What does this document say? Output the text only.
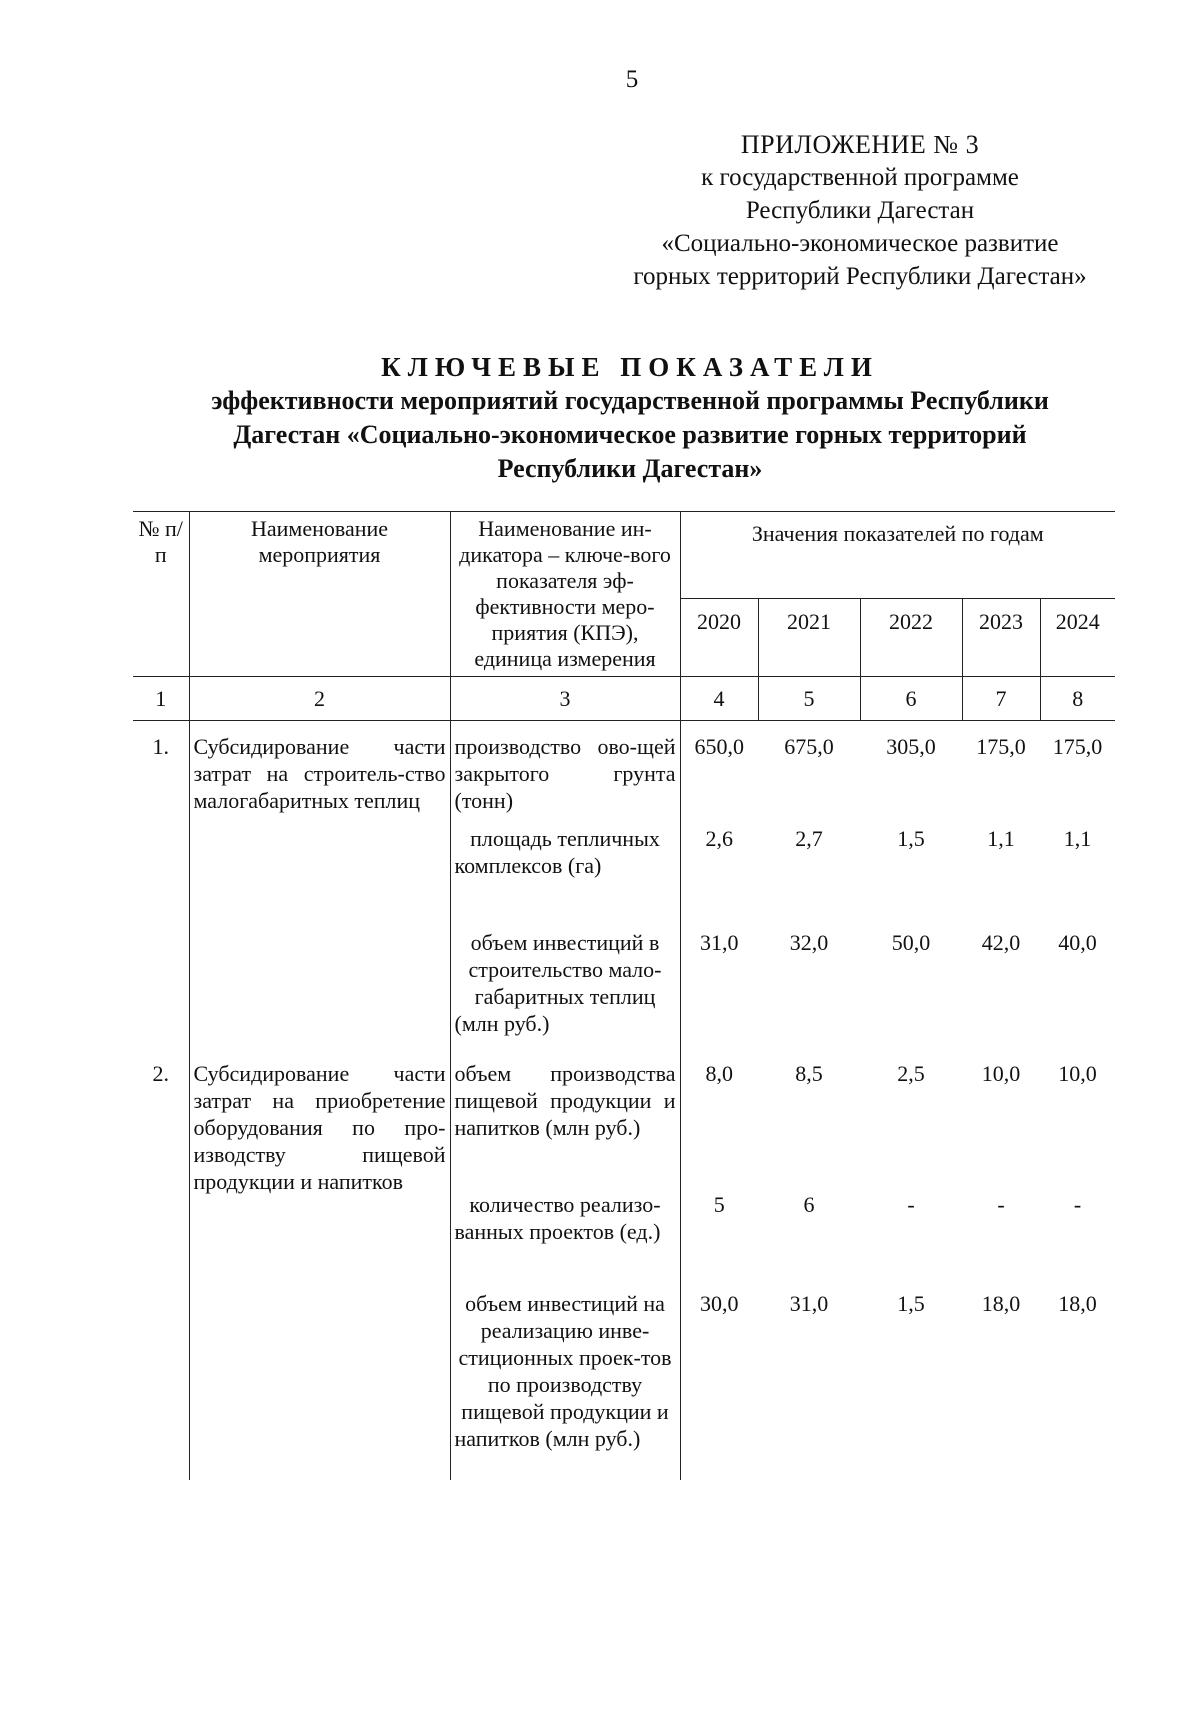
5
ПРИЛОЖЕНИЕ № 3
к государственной программе
Республики Дагестан
«Социально-экономическое развитие
горных территорий Республики Дагестан»
КЛЮЧЕВЫЕ ПОКАЗАТЕЛИ
эффективности мероприятий государственной программы Республики
Дагестан «Социально-экономическое развитие горных территорий
Республики Дагестан»
№ п/п	Наименование мероприятия	Наименование ин-дикатора – ключе-вого показателя эф-фективности меро-приятия (КПЭ), единица измерения	Значения показателей по годам				
			2020	2021	2022	2023	2024
1	2	3	4	5	6	7	8
1.	Субсидирование части затрат на строитель-ство малогабаритных теплиц	производство ово-щей закрытого грунта (тонн)	650,0	675,0	305,0	175,0	175,0
		площадь тепличных комплексов (га)	2,6	2,7	1,5	1,1	1,1
		объем инвестиций в строительство мало-габаритных теплиц (млн руб.)	31,0	32,0	50,0	42,0	40,0
2.	Субсидирование части затрат на приобретение оборудования по про-изводству пищевой продукции и напитков	объем производства пищевой продукции и напитков (млн руб.)	8,0	8,5	2,5	10,0	10,0
		количество реализо-ванных проектов (ед.)	5	6	-	-	-
		объем инвестиций на реализацию инве-стиционных проек-тов по производству пищевой продукции и напитков (млн руб.)	30,0	31,0	1,5	18,0	18,0
